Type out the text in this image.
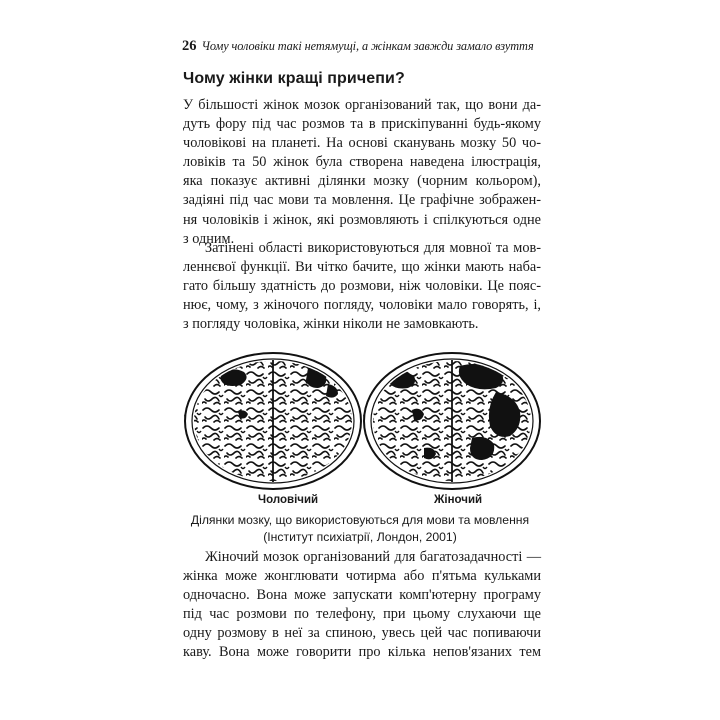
26 Чому чоловіки такі нетямущі, а жінкам завжди замало взуття
Чому жінки кращі причепи?
У більшості жінок мозок організований так, що вони да-
дуть фору під час розмов та в прискіпуванні будь-якому
чоловікові на планеті. На основі сканувань мозку 50 чо-
ловіків та 50 жінок була створена наведена ілюстрація,
яка показує активні ділянки мозку (чорним кольором),
задіяні під час мови та мовлення. Це графічне зображен-
ня чоловіків і жінок, які розмовляють і спілкуються одне
з одним.
Затінені області використовуються для мовної та мов-
леннєвої функції. Ви чітко бачите, що жінки мають наба-
гато більшу здатність до розмови, ніж чоловіки. Це пояс-
нює, чому, з жіночого погляду, чоловіки мало говорять, і,
з погляду чоловіка, жінки ніколи не замовкають.
Чоловічий	Жіночий
Ділянки мозку, що використовуються для мови та мовлення
(Інститут психіатрії, Лондон, 2001)
Жіночий мозок організований для багатозадачності —
жінка може жонглювати чотирма або п'ятьма кульками
одночасно. Вона може запускати комп'ютерну програму
під час розмови по телефону, при цьому слухаючи ще
одну розмову в неї за спиною, увесь цей час попиваючи
каву. Вона може говорити про кілька непов'язаних тем
